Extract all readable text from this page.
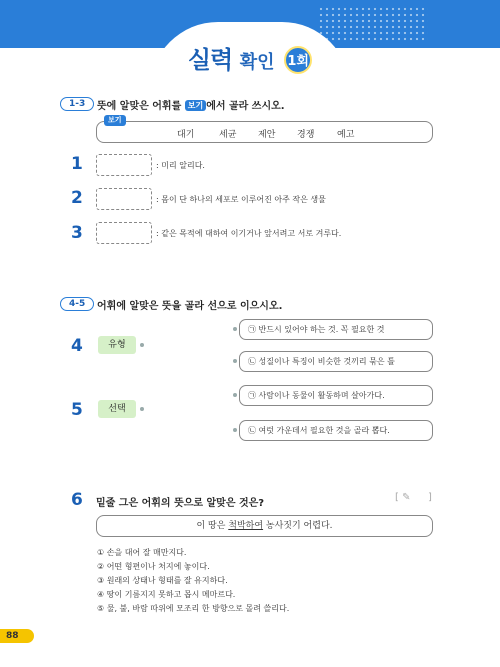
실력 확인 1회
1-3	뜻에 알맞은 어휘를 보기 에서 골라 쓰시오.
보기
대기	세균 제안 경쟁	예고
1	: 미리 알리다.
2	: 몸이 단 하나의 세포로 이루어진 아주 작은 생물
3	: 같은 목적에 대하여 이기거나 앞서려고 서로 겨루다.
4-5	어휘에 알맞은 뜻을 골라 선으로 이으시오.
4	유형
㉠ 반드시 있어야 하는 것. 꼭 필요한 것
㉡ 성질이나 특징이 비슷한 것끼리 묶은 틀
5	선택
㉠ 사람이나 동물이 활동하며 살아가다.
㉡ 여럿 가운데서 필요한 것을 골라 뽑다.
6 밑줄 그은 어휘의 뜻으로 알맞은 것은?
[ ✎ ]
이 땅은 척박하여 농사짓기 어렵다.
① 손을 대어 잘 매만지다.
② 어떤 형편이나 처지에 놓이다.
③ 원래의 상태나 형태를 잘 유지하다.
④ 땅이 기름지지 못하고 몹시 메마르다.
⑤ 물, 불, 바람 따위에 모조리 한 방향으로 몰려 쓸리다.
88
